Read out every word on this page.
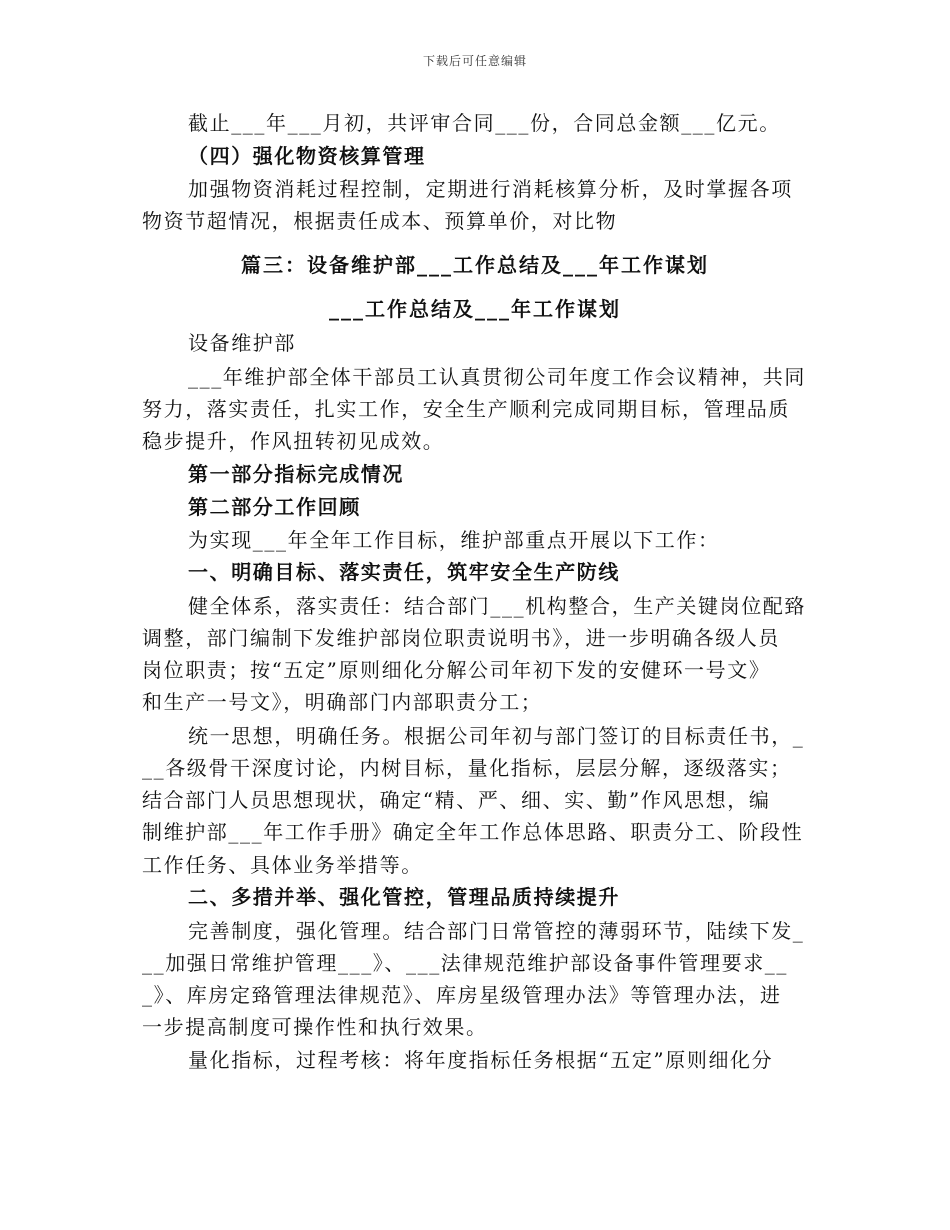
下载后可任意编辑
截止___年___月初，共评审合同___份，合同总金额___亿元。
（四）强化物资核算管理
加强物资消耗过程控制，定期进行消耗核算分析，及时掌握各项
物资节超情况，根据责任成本、预算单价，对比物
篇三：设备维护部___工作总结及___年工作谋划
___工作总结及___年工作谋划
设备维护部
___年维护部全体干部员工认真贯彻公司年度工作会议精神，共同
努力，落实责任，扎实工作，安全生产顺利完成同期目标，管理品质
稳步提升，作风扭转初见成效。
第一部分指标完成情况
第二部分工作回顾
为实现___年全年工作目标，维护部重点开展以下工作：
一、明确目标、落实责任，筑牢安全生产防线
健全体系，落实责任：结合部门___机构整合，生产关键岗位配臵
调整，部门编制下发维护部岗位职责说明书》，进一步明确各级人员
岗位职责；按“五定”原则细化分解公司年初下发的安健环一号文》
和生产一号文》，明确部门内部职责分工；
统一思想，明确任务。根据公司年初与部门签订的目标责任书，_
__各级骨干深度讨论，内树目标，量化指标，层层分解，逐级落实；
结合部门人员思想现状，确定“精、严、细、实、勤”作风思想，编
制维护部___年工作手册》确定全年工作总体思路、职责分工、阶段性
工作任务、具体业务举措等。
二、多措并举、强化管控，管理品质持续提升
完善制度，强化管理。结合部门日常管控的薄弱环节，陆续下发_
__加强日常维护管理___》、___法律规范维护部设备事件管理要求__
_》、库房定臵管理法律规范》、库房星级管理办法》等管理办法，进
一步提高制度可操作性和执行效果。
量化指标，过程考核：将年度指标任务根据“五定”原则细化分
